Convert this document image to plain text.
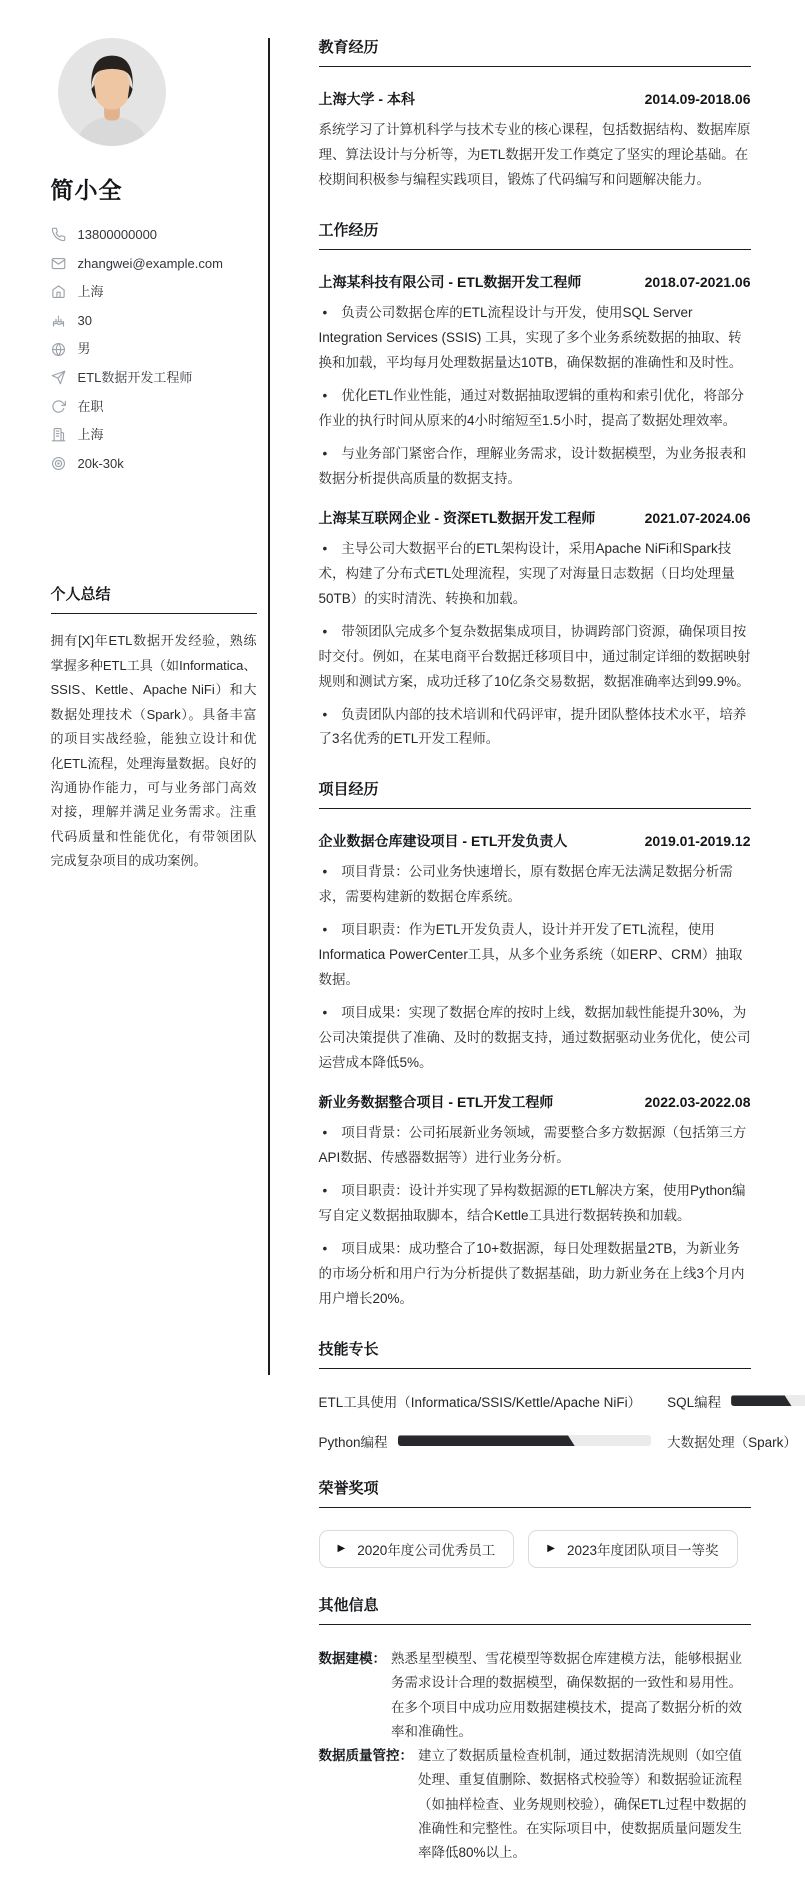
简小全
13800000000
zhangwei@example.com
上海
30
男
ETL数据开发工程师
在职
上海
20k-30k
个人总结

拥有[X]年ETL数据开发经验，熟练掌握多种ETL工具（如Informatica、SSIS、Kettle、Apache NiFi）和大数据处理技术（Spark）。具备丰富的项目实战经验，能独立设计和优化ETL流程，处理海量数据。良好的沟通协作能力，可与业务部门高效对接，理解并满足业务需求。注重代码质量和性能优化，有带领团队完成复杂项目的成功案例。

教育经历
上海大学 - 本科	2014.09-2018.06

系统学习了计算机科学与技术专业的核心课程，包括数据结构、数据库原理、算法设计与分析等，为ETL数据开发工作奠定了坚实的理论基础。在校期间积极参与编程实践项目，锻炼了代码编写和问题解决能力。

工作经历
上海某科技有限公司 - ETL数据开发工程师	2018.07-2021.06

• 负责公司数据仓库的ETL流程设计与开发，使用SQL Server Integration Services (SSIS) 工具，实现了多个业务系统数据的抽取、转换和加载，平均每月处理数据量达10TB，确保数据的准确性和及时性。

• 优化ETL作业性能，通过对数据抽取逻辑的重构和索引优化，将部分作业的执行时间从原来的4小时缩短至1.5小时，提高了数据处理效率。

• 与业务部门紧密合作，理解业务需求，设计数据模型，为业务报表和数据分析提供高质量的数据支持。

上海某互联网企业 - 资深ETL数据开发工程师	2021.07-2024.06

• 主导公司大数据平台的ETL架构设计，采用Apache NiFi和Spark技术，构建了分布式ETL处理流程，实现了对海量日志数据（日均处理量50TB）的实时清洗、转换和加载。

• 带领团队完成多个复杂数据集成项目，协调跨部门资源，确保项目按时交付。例如，在某电商平台数据迁移项目中，通过制定详细的数据映射规则和测试方案，成功迁移了10亿条交易数据，数据准确率达到99.9%。

• 负责团队内部的技术培训和代码评审，提升团队整体技术水平，培养了3名优秀的ETL开发工程师。

项目经历
企业数据仓库建设项目 - ETL开发负责人	2019.01-2019.12

• 项目背景：公司业务快速增长，原有数据仓库无法满足数据分析需求，需要构建新的数据仓库系统。

• 项目职责：作为ETL开发负责人，设计并开发了ETL流程，使用Informatica PowerCenter工具，从多个业务系统（如ERP、CRM）抽取数据。

• 项目成果：实现了数据仓库的按时上线，数据加载性能提升30%，为公司决策提供了准确、及时的数据支持，通过数据驱动业务优化，使公司运营成本降低5%。

新业务数据整合项目 - ETL开发工程师	2022.03-2022.08

• 项目背景：公司拓展新业务领域，需要整合多方数据源（包括第三方API数据、传感器数据等）进行业务分析。

• 项目职责：设计并实现了异构数据源的ETL解决方案，使用Python编写自定义数据抽取脚本，结合Kettle工具进行数据转换和加载。

• 项目成果：成功整合了10+数据源，每日处理数据量2TB，为新业务的市场分析和用户行为分析提供了数据基础，助力新业务在上线3个月内用户增长20%。

技能专长
ETL工具使用（Informatica/SSIS/Kettle/Apache NiFi） SQL编程
Python编程	大数据处理（Spark）
荣誉奖项
▶ 2020年度公司优秀员工	▶ 2023年度团队项目一等奖
其他信息
数据建模： 熟悉星型模型、雪花模型等数据仓库建模方法，能够根据业务需求设计合理的数据模型，确保数据的一致性和易用性。在多个项目中成功应用数据建模技术，提高了数据分析的效率和准确性。
数据质量管控： 建立了数据质量检查机制，通过数据清洗规则（如空值处理、重复值删除、数据格式校验等）和数据验证流程（如抽样检查、业务规则校验），确保ETL过程中数据的准确性和完整性。在实际项目中，使数据质量问题发生率降低80%以上。
